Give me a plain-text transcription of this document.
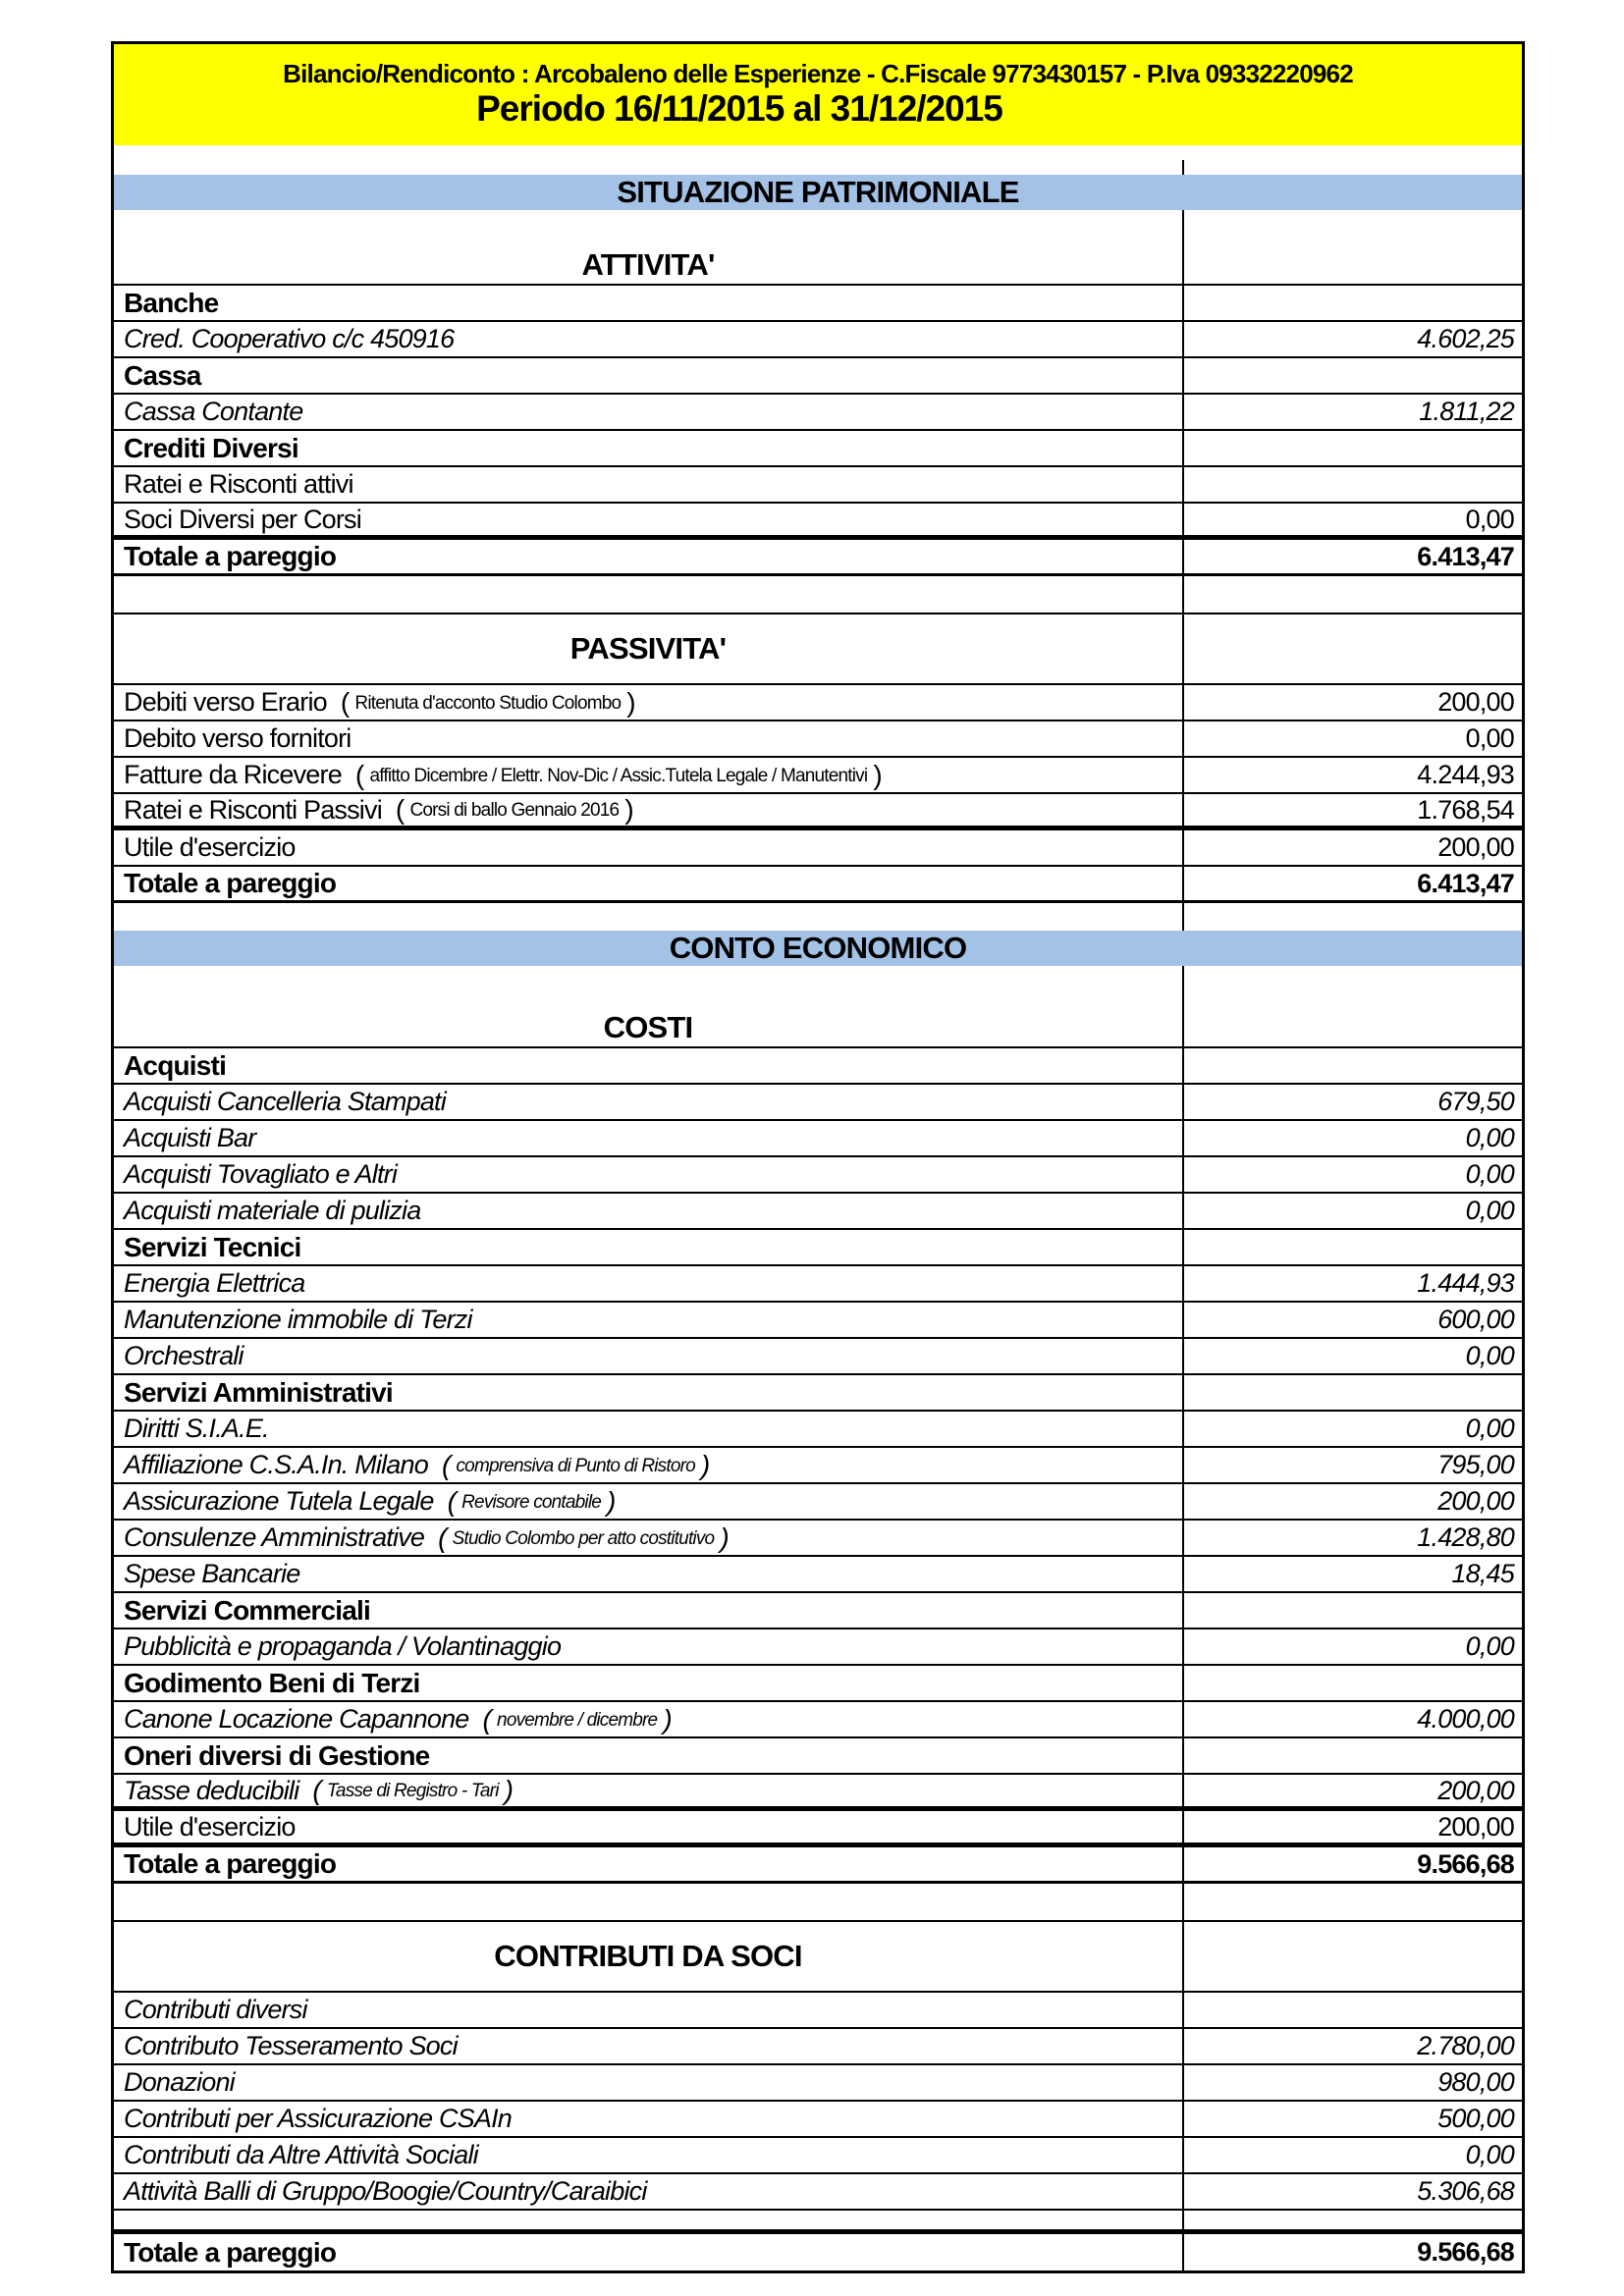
Bilancio/Rendiconto : Arcobaleno delle Esperienze - C.Fiscale 9773430157 - P.Iva 09332220962
Periodo 16/11/2015 al 31/12/2015
SITUAZIONE PATRIMONIALE
ATTIVITA'
Banche
Cred. Cooperativo c/c 450916	4.602,25
Cassa
Cassa Contante	1.811,22
Crediti Diversi
Ratei e Risconti attivi
Soci Diversi per Corsi	0,00
Totale a pareggio	6.413,47
PASSIVITA'
Debiti verso Erario ( Ritenuta d'acconto Studio Colombo )	200,00
Debito verso fornitori	0,00
Fatture da Ricevere ( affitto Dicembre / Elettr. Nov-Dic / Assic.Tutela Legale / Manutentivi )	4.244,93
Ratei e Risconti Passivi ( Corsi di ballo Gennaio 2016 )	1.768,54
Utile d'esercizio	200,00
Totale a pareggio	6.413,47
CONTO ECONOMICO
COSTI
Acquisti
Acquisti Cancelleria Stampati	679,50
Acquisti Bar	0,00
Acquisti Tovagliato e Altri	0,00
Acquisti materiale di pulizia	0,00
Servizi Tecnici
Energia Elettrica	1.444,93
Manutenzione immobile di Terzi	600,00
Orchestrali	0,00
Servizi Amministrativi
Diritti S.I.A.E.	0,00
Affiliazione C.S.A.In. Milano ( comprensiva di Punto di Ristoro )	795,00
Assicurazione Tutela Legale ( Revisore contabile )	200,00
Consulenze Amministrative ( Studio Colombo per atto costitutivo )	1.428,80
Spese Bancarie	18,45
Servizi Commerciali
Pubblicità e propaganda / Volantinaggio	0,00
Godimento Beni di Terzi
Canone Locazione Capannone ( novembre / dicembre )	4.000,00
Oneri diversi di Gestione
Tasse deducibili ( Tasse di Registro - Tari )	200,00
Utile d'esercizio	200,00
Totale a pareggio	9.566,68
CONTRIBUTI DA SOCI
Contributi diversi
Contributo Tesseramento Soci	2.780,00
Donazioni	980,00
Contributi per Assicurazione CSAIn	500,00
Contributi da Altre Attività Sociali	0,00
Attività Balli di Gruppo/Boogie/Country/Caraibici	5.306,68
Totale a pareggio	9.566,68
